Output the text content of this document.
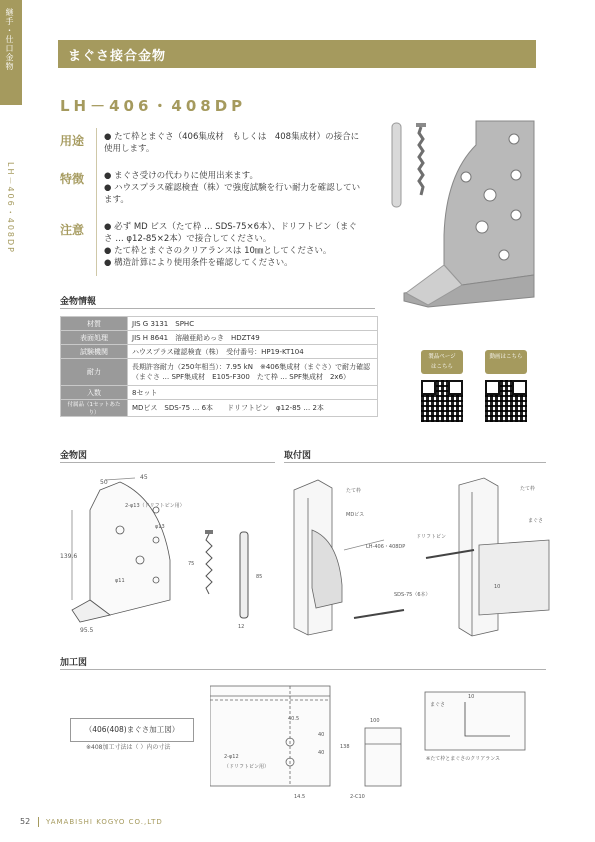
継手・仕口金物
LH－406・408DP
まぐさ接合金物
LH－406・408DP
用途
特徴
注意
● たて枠とまぐさ（406集成材　もしくは　408集成材）の接合に使用します。
● まぐさ受けの代わりに使用出来ます。
● ハウスプラス確認検査（株）で強度試験を行い耐力を確認しています。
● 必ず MD ビス（たて枠 … SDS-75×6本）、ドリフトピン（まぐさ … φ12-85×2本）で接合してください。
● たて枠とまぐさのクリアランスは 10㎜としてください。
● 構造計算により使用条件を確認してください。
金物情報
材質	JIS G 3131　SPHC
表面処理	JIS H 8641　溶融亜鉛めっき　HDZT49
試験機関	ハウスプラス確認検査（株）　受付番号：HP19-KT104
耐力	長期許容耐力（250年相当）：7.95 kN　※406集成材（まぐさ）で耐力確認（まぐさ … SPF集成材　E105-F300　たて枠 … SPF集成材　2x6）
入数	8セット
付属品（1セットあたり）	MDビス　SDS-75 … 6本　　ドリフトピン　φ12-85 … 2本
製品ページ
はこちら
動画はこちら
金物図	取付図
加工図
50
45
139.6
95.5
φ13
2-φ13（ドリフトピン用）
φ11
75
85
12
たて枠
MDビス
LH-406・408DP
SDS-75（6本）
ドリフトピン
たて枠
まぐさ
10
（406(408)まぐさ加工図）
※408加工寸法は（ ）内の寸法
40.5
2-φ12
（ドリフトピン用）
40
40
138
14.5	2-C10
100
まぐさ
10
※たて枠とまぐさのクリアランス
52 YAMABISHI KOGYO CO.,LTD
